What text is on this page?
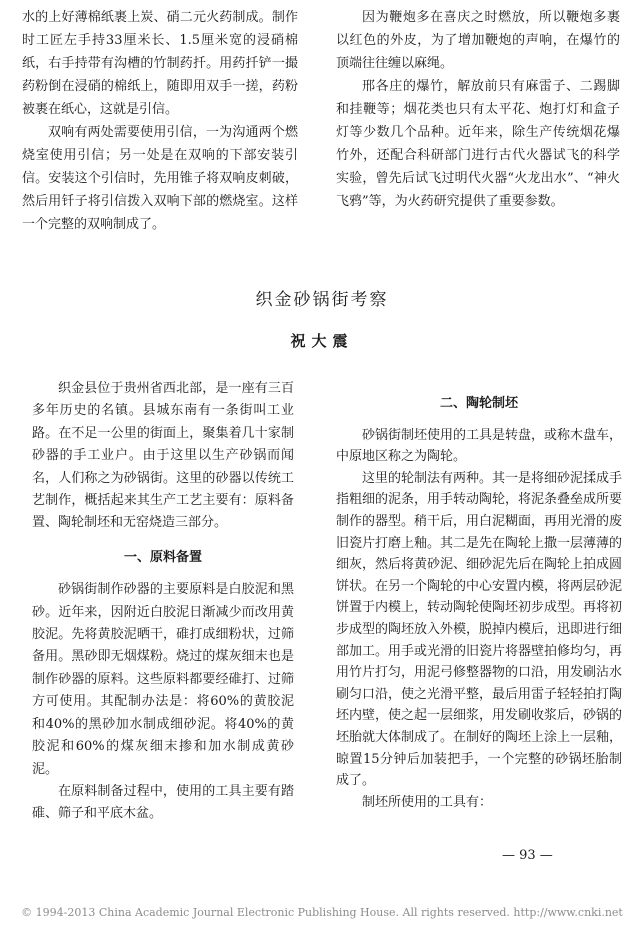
水的上好薄棉纸裹上炭、硝二元火药制成。制作时工匠左手持33厘米长、1.5厘米宽的浸硝棉纸，右手持带有沟槽的竹制药扦。用药扦铲一撮药粉倒在浸硝的棉纸上，随即用双手一搓，药粉被裹在纸心，这就是引信。

双响有两处需要使用引信，一为沟通两个燃烧室使用引信；另一处是在双响的下部安装引信。安装这个引信时，先用锥子将双响皮刺破，然后用钎子将引信拨入双响下部的燃烧室。这样一个完整的双响制成了。

因为鞭炮多在喜庆之时燃放，所以鞭炮多裹以红色的外皮，为了增加鞭炮的声响，在爆竹的顶端往往缠以麻绳。

邢各庄的爆竹，解放前只有麻雷子、二踢脚和挂鞭等；烟花类也只有太平花、炮打灯和盒子灯等少数几个品种。近年来，除生产传统烟花爆竹外，还配合科研部门进行古代火器试飞的科学实验，曾先后试飞过明代火器“火龙出水”、“神火飞鸦”等，为火药研究提供了重要参数。

织金砂锅街考察
祝大震

织金县位于贵州省西北部，是一座有三百多年历史的名镇。县城东南有一条街叫工业路。在不足一公里的街面上，聚集着几十家制砂器的手工业户。由于这里以生产砂锅而闻名，人们称之为砂锅街。这里的砂器以传统工艺制作，概括起来其生产工艺主要有：原料备置、陶轮制坯和无窑烧造三部分。

一、原料备置

砂锅街制作砂器的主要原料是白胶泥和黑砂。近年来，因附近白胶泥日渐减少而改用黄胶泥。先将黄胶泥晒干，碓打成细粉状，过筛备用。黑砂即无烟煤粉。烧过的煤灰细末也是制作砂器的原料。这些原料都要经碓打、过筛方可使用。其配制办法是：将60%的黄胶泥和40%的黑砂加水制成细砂泥。将40%的黄胶泥和60%的煤灰细末掺和加水制成黄砂泥。

在原料制备过程中，使用的工具主要有踏碓、筛子和平底木盆。

二、陶轮制坯

砂锅街制坯使用的工具是转盘，或称木盘车，中原地区称之为陶轮。

这里的轮制法有两种。其一是将细砂泥揉成手指粗细的泥条，用手转动陶轮，将泥条叠垒成所要制作的器型。稍干后，用白泥糊面，再用光滑的废旧瓷片打磨上釉。其二是先在陶轮上撒一层薄薄的细灰，然后将黄砂泥、细砂泥先后在陶轮上拍成圆饼状。在另一个陶轮的中心安置内模，将两层砂泥饼置于内模上，转动陶轮使陶坯初步成型。再将初步成型的陶坯放入外模，脱掉内模后，迅即进行细部加工。用手或光滑的旧瓷片将器壁拍修均匀，再用竹片打匀，用泥弓修整器物的口沿，用发刷沾水刷匀口沿，使之光滑平整，最后用雷子轻轻拍打陶坯内壁，使之起一层细浆，用发刷收浆后，砂锅的坯胎就大体制成了。在制好的陶坯上涂上一层釉，晾置15分钟后加装把手，一个完整的砂锅坯胎制成了。

制坯所使用的工具有：

— 93 —
© 1994-2013 China Academic Journal Electronic Publishing House. All rights reserved. http://www.cnki.net
